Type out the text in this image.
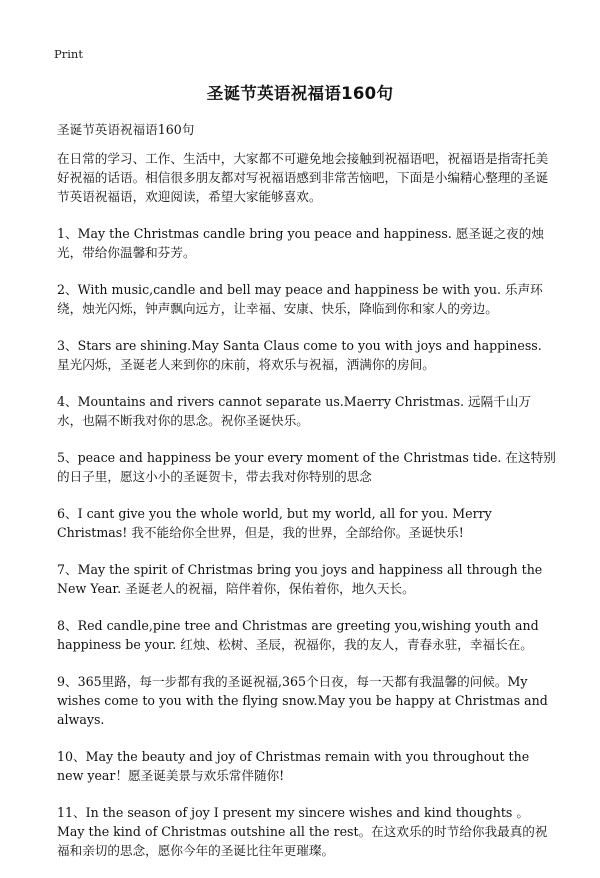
Print
圣诞节英语祝福语160句

圣诞节英语祝福语160句

在日常的学习、工作、生活中，大家都不可避免地会接触到祝福语吧，祝福语是指寄托美好祝福的话语。相信很多朋友都对写祝福语感到非常苦恼吧，下面是小编精心整理的圣诞节英语祝福语，欢迎阅读，希望大家能够喜欢。

1、May the Christmas candle bring you peace and happiness. 愿圣诞之夜的烛光，带给你温馨和芬芳。

2、With music,candle and bell may peace and happiness be with you. 乐声环绕，烛光闪烁，钟声飘向远方，让幸福、安康、快乐，降临到你和家人的旁边。

3、Stars are shining.May Santa Claus come to you with joys and happiness. 星光闪烁，圣诞老人来到你的床前，将欢乐与祝福，洒满你的房间。

4、Mountains and rivers cannot separate us.Maerry Christmas. 远隔千山万水，也隔不断我对你的思念。祝你圣诞快乐。

5、peace and happiness be your every moment of the Christmas tide. 在这特别的日子里，愿这小小的圣诞贺卡，带去我对你特别的思念

6、I cant give you the whole world, but my world, all for you. Merry Christmas! 我不能给你全世界，但是，我的世界，全部给你。圣诞快乐!

7、May the spirit of Christmas bring you joys and happiness all through the New Year. 圣诞老人的祝福，陪伴着你，保佑着你，地久天长。

8、Red candle,pine tree and Christmas are greeting you,wishing youth and happiness be your. 红烛、松树、圣辰，祝福你，我的友人，青春永驻，幸福长在。

9、365里路，每一步都有我的圣诞祝福,365个日夜，每一天都有我温馨的问候。My wishes come to you with the flying snow.May you be happy at Christmas and always.

10、May the beauty and joy of Christmas remain with you throughout the new year！愿圣诞美景与欢乐常伴随你!

11、In the season of joy I present my sincere wishes and kind thoughts 。 May the kind of Christmas outshine all the rest。在这欢乐的时节给你我最真的祝福和亲切的思念，愿你今年的圣诞比往年更璀璨。
